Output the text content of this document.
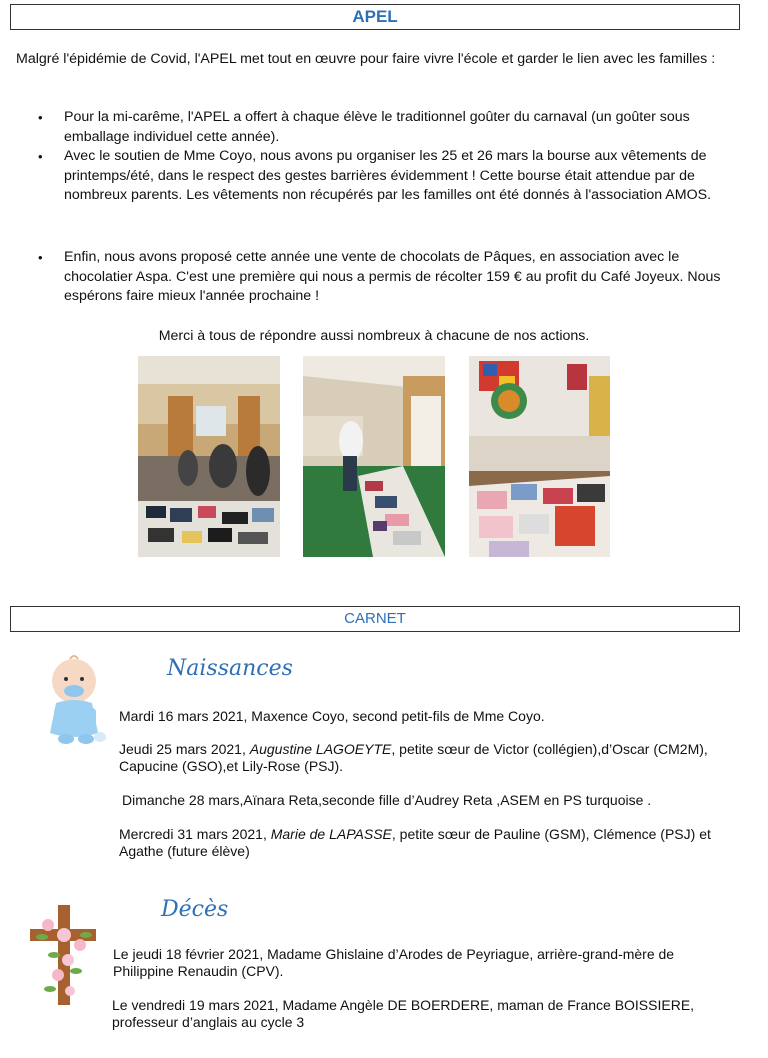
APEL
Malgré l'épidémie de Covid, l'APEL met tout en œuvre pour faire vivre l'école et garder le lien avec les familles :
• Pour la mi-carême, l'APEL a offert à chaque élève le traditionnel goûter du carnaval (un goûter sous emballage individuel cette année).
• Avec le soutien de Mme Coyo, nous avons pu organiser les 25 et 26 mars la bourse aux vêtements de printemps/été, dans le respect des gestes barrières évidemment ! Cette bourse était attendue par de nombreux parents. Les vêtements non récupérés par les familles ont été donnés à l'association AMOS.
• Enfin, nous avons proposé cette année une vente de chocolats de Pâques, en association avec le chocolatier Aspa. C'est une première qui nous a permis de récolter 159 € au profit du Café Joyeux. Nous espérons faire mieux l'année prochaine !
Merci à tous de répondre aussi nombreux à chacune de nos actions.
CARNET
Naissances
Mardi 16 mars 2021, Maxence Coyo, second petit-fils de Mme Coyo.
Jeudi 25 mars 2021, Augustine LAGOEYTE, petite sœur de Victor (collégien),d’Oscar (CM2M), Capucine (GSO),et Lily-Rose (PSJ).
Dimanche 28 mars,Aïnara Reta,seconde fille d’Audrey Reta ,ASEM en PS turquoise .
Mercredi 31 mars 2021, Marie de LAPASSE, petite sœur de Pauline (GSM), Clémence (PSJ) et Agathe (future élève)
Décès
Le jeudi 18 février 2021, Madame Ghislaine d’Arodes de Peyriague, arrière-grand-mère de Philippine Renaudin (CPV).
Le vendredi 19 mars 2021, Madame Angèle DE BOERDERE, maman de France BOISSIERE, professeur d’anglais au cycle 3
